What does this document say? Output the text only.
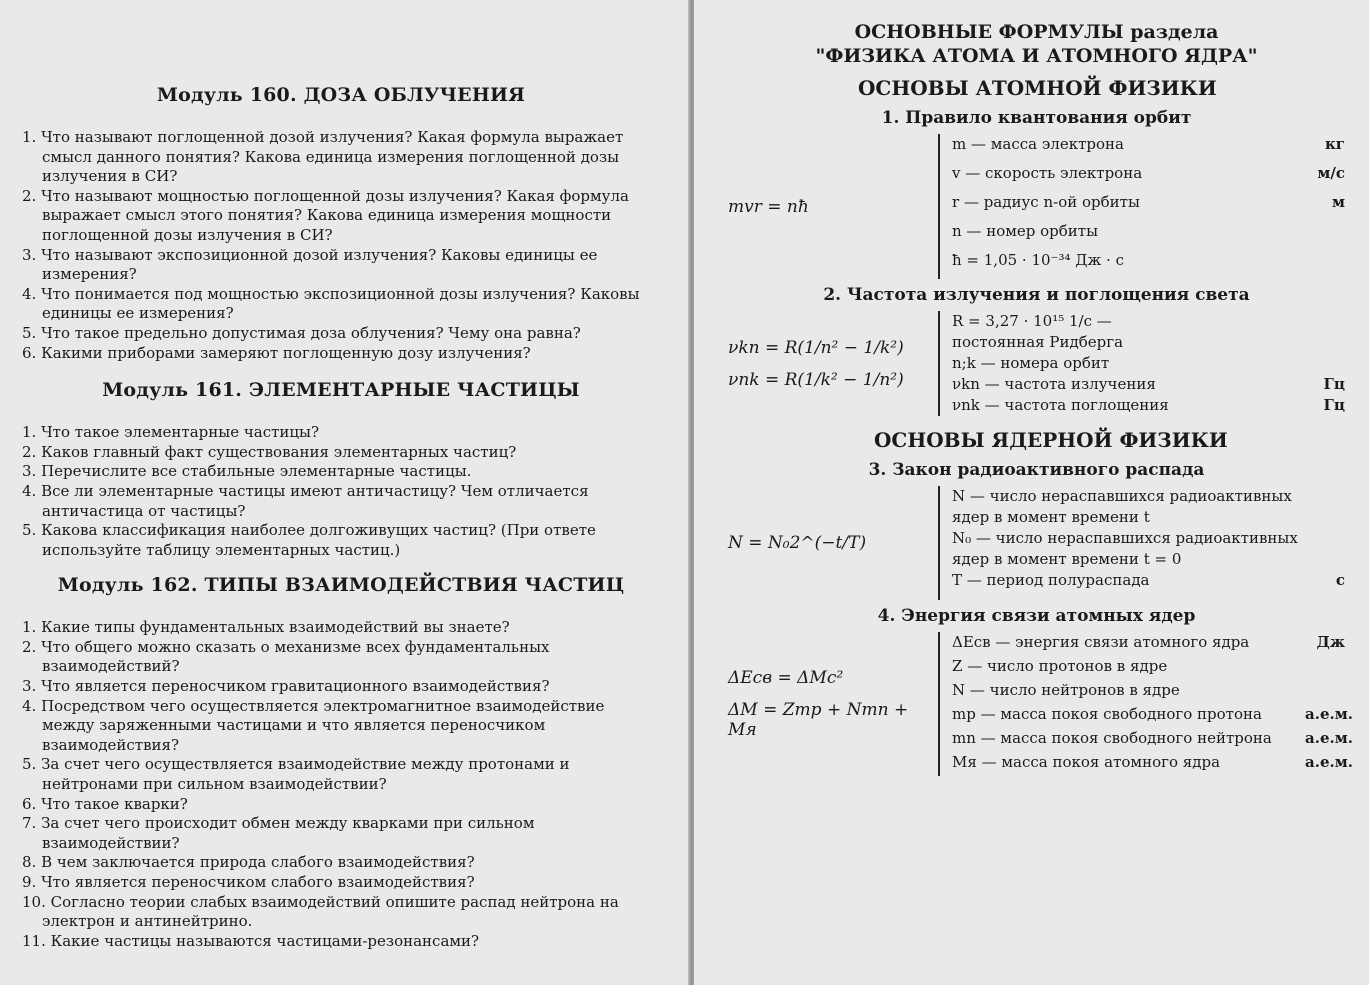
Модуль 160. ДОЗА ОБЛУЧЕНИЯ
1. Что называют поглощенной дозой излучения? Какая формула выражает смысл данного понятия? Какова единица измерения поглощенной дозы излучения в СИ?
2. Что называют мощностью поглощенной дозы излучения? Какая формула выражает смысл этого понятия? Какова единица измерения мощности поглощенной дозы излучения в СИ?
3. Что называют экспозиционной дозой излучения? Каковы единицы ее измерения?
4. Что понимается под мощностью экспозиционной дозы излучения? Каковы единицы ее измерения?
5. Что такое предельно допустимая доза облучения? Чему она равна?
6. Какими приборами замеряют поглощенную дозу излучения?
Модуль 161. ЭЛЕМЕНТАРНЫЕ ЧАСТИЦЫ
1. Что такое элементарные частицы?
2. Каков главный факт существования элементарных частиц?
3. Перечислите все стабильные элементарные частицы.
4. Все ли элементарные частицы имеют античастицу? Чем отличается античастица от частицы?
5. Какова классификация наиболее долгоживущих частиц? (При ответе используйте таблицу элементарных частиц.)
Модуль 162. ТИПЫ ВЗАИМОДЕЙСТВИЯ ЧАСТИЦ
1. Какие типы фундаментальных взаимодействий вы знаете?
2. Что общего можно сказать о механизме всех фундаментальных взаимодействий?
3. Что является переносчиком гравитационного взаимодействия?
4. Посредством чего осуществляется электромагнитное взаимодействие между заряженными частицами и что является переносчиком взаимодействия?
5. За счет чего осуществляется взаимодействие между протонами и нейтронами при сильном взаимодействии?
6. Что такое кварки?
7. За счет чего происходит обмен между кварками при сильном взаимодействии?
8. В чем заключается природа слабого взаимодействия?
9. Что является переносчиком слабого взаимодействия?
10. Согласно теории слабых взаимодействий опишите распад нейтрона на электрон и антинейтрино.
11. Какие частицы называются частицами-резонансами?

ОСНОВНЫЕ ФОРМУЛЫ раздела

"ФИЗИКА АТОМА И АТОМНОГО ЯДРА"

ОСНОВЫ АТОМНОЙ ФИЗИКИ
1. Правило квантования орбит
mvr = nħ
m — масса электрона	кг
v — скорость электрона	м/с
r — радиус n-ой орбиты	м
n — номер орбиты
ħ = 1,05 · 10⁻³⁴ Дж · с
2. Частота излучения и поглощения света
νkn = R(1/n² − 1/k²)
νnk = R(1/k² − 1/n²)
R = 3,27 · 10¹⁵ 1/с —
постоянная Ридберга
n;k — номера орбит
νkn — частота излучения	Гц
νnk — частота поглощения	Гц
ОСНОВЫ ЯДЕРНОЙ ФИЗИКИ
3. Закон радиоактивного распада
N = N₀2^(−t/T)
N — число нераспавшихся радиоактивных ядер в момент времени t
N₀ — число нераспавшихся радиоактивных ядер в момент времени t = 0
T — период полураспада	с
4. Энергия связи атомных ядер
ΔEсв = ΔMc²
ΔM = Zmp + Nmn + Mя
ΔEсв — энергия связи атомного ядра	Дж
Z — число протонов в ядре
N — число нейтронов в ядре
mp — масса покоя свободного протона	а.е.м.
mn — масса покоя свободного нейтрона	а.е.м.
Mя — масса покоя атомного ядра	а.е.м.
